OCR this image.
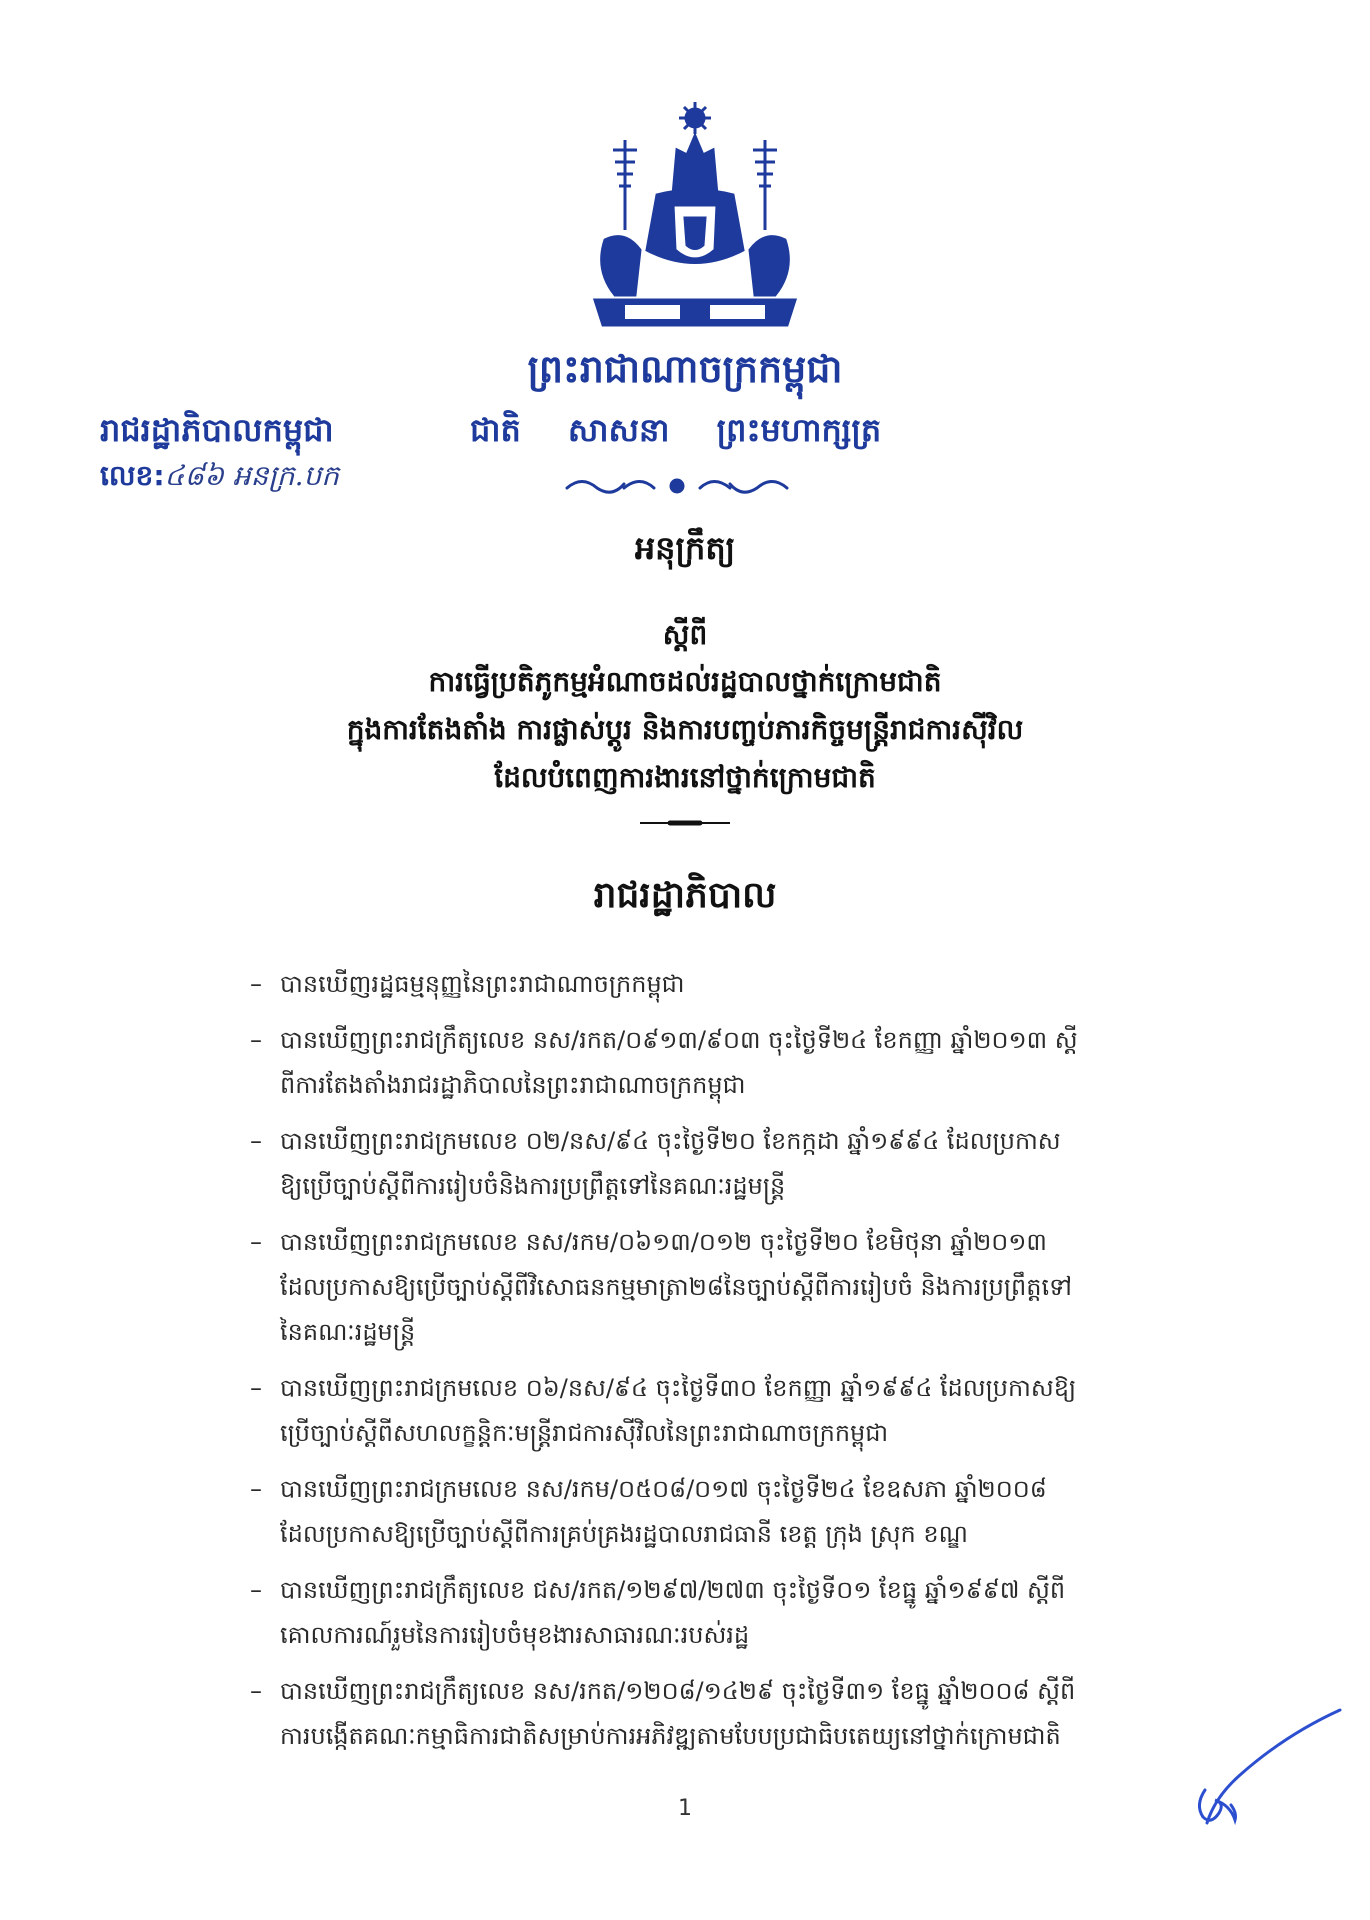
ព្រះរាជាណាចក្រកម្ពុជា
រាជរដ្ឋាភិបាលកម្ពុជា
លេខ:៤៨៦ អនក្រ.បក
ជាតិ សាសនា ព្រះមហាក្សត្រ
អនុក្រឹត្យ
ស្តីពី
ការធ្វើប្រតិភូកម្មអំណាចដល់រដ្ឋបាលថ្នាក់ក្រោមជាតិ
ក្នុងការតែងតាំង ការផ្លាស់ប្តូរ និងការបញ្ចប់ភារកិច្ចមន្ត្រីរាជការស៊ីវិល
ដែលបំពេញការងារនៅថ្នាក់ក្រោមជាតិ
រាជរដ្ឋាភិបាល
– បានឃើញរដ្ឋធម្មនុញ្ញនៃព្រះរាជាណាចក្រកម្ពុជា
– បានឃើញព្រះរាជក្រឹត្យលេខ នស/រកត/០៩១៣/៩០៣ ចុះថ្ងៃទី២៤ ខែកញ្ញា ឆ្នាំ២០១៣ ស្តី
ពីការតែងតាំងរាជរដ្ឋាភិបាលនៃព្រះរាជាណាចក្រកម្ពុជា
– បានឃើញព្រះរាជក្រមលេខ ០២/នស/៩៤ ចុះថ្ងៃទី២០ ខែកក្កដា ឆ្នាំ១៩៩៤ ដែលប្រកាស
ឱ្យប្រើច្បាប់ស្តីពីការរៀបចំនិងការប្រព្រឹត្តទៅនៃគណៈរដ្ឋមន្ត្រី
– បានឃើញព្រះរាជក្រមលេខ នស/រកម/០៦១៣/០១២ ចុះថ្ងៃទី២០ ខែមិថុនា ឆ្នាំ២០១៣
ដែលប្រកាសឱ្យប្រើច្បាប់ស្តីពីវិសោធនកម្មមាត្រា២៨នៃច្បាប់ស្តីពីការរៀបចំ និងការប្រព្រឹត្តទៅ
នៃគណៈរដ្ឋមន្ត្រី
– បានឃើញព្រះរាជក្រមលេខ ០៦/នស/៩៤ ចុះថ្ងៃទី៣០ ខែកញ្ញា ឆ្នាំ១៩៩៤ ដែលប្រកាសឱ្យ
ប្រើច្បាប់ស្តីពីសហលក្ខន្តិកៈមន្ត្រីរាជការស៊ីវិលនៃព្រះរាជាណាចក្រកម្ពុជា
– បានឃើញព្រះរាជក្រមលេខ នស/រកម/០៥០៨/០១៧ ចុះថ្ងៃទី២៤ ខែឧសភា ឆ្នាំ២០០៨
ដែលប្រកាសឱ្យប្រើច្បាប់ស្តីពីការគ្រប់គ្រងរដ្ឋបាលរាជធានី ខេត្ត ក្រុង ស្រុក ខណ្ឌ
– បានឃើញព្រះរាជក្រឹត្យលេខ ជស/រកត/១២៩៧/២៧៣ ចុះថ្ងៃទី០១ ខែធ្នូ ឆ្នាំ១៩៩៧ ស្តីពី
គោលការណ៍រួមនៃការរៀបចំមុខងារសាធារណៈរបស់រដ្ឋ
– បានឃើញព្រះរាជក្រឹត្យលេខ នស/រកត/១២០៨/១៤២៩ ចុះថ្ងៃទី៣១ ខែធ្នូ ឆ្នាំ២០០៨ ស្តីពី
ការបង្កើតគណៈកម្មាធិការជាតិសម្រាប់ការអភិវឌ្ឍតាមបែបប្រជាធិបតេយ្យនៅថ្នាក់ក្រោមជាតិ
1
